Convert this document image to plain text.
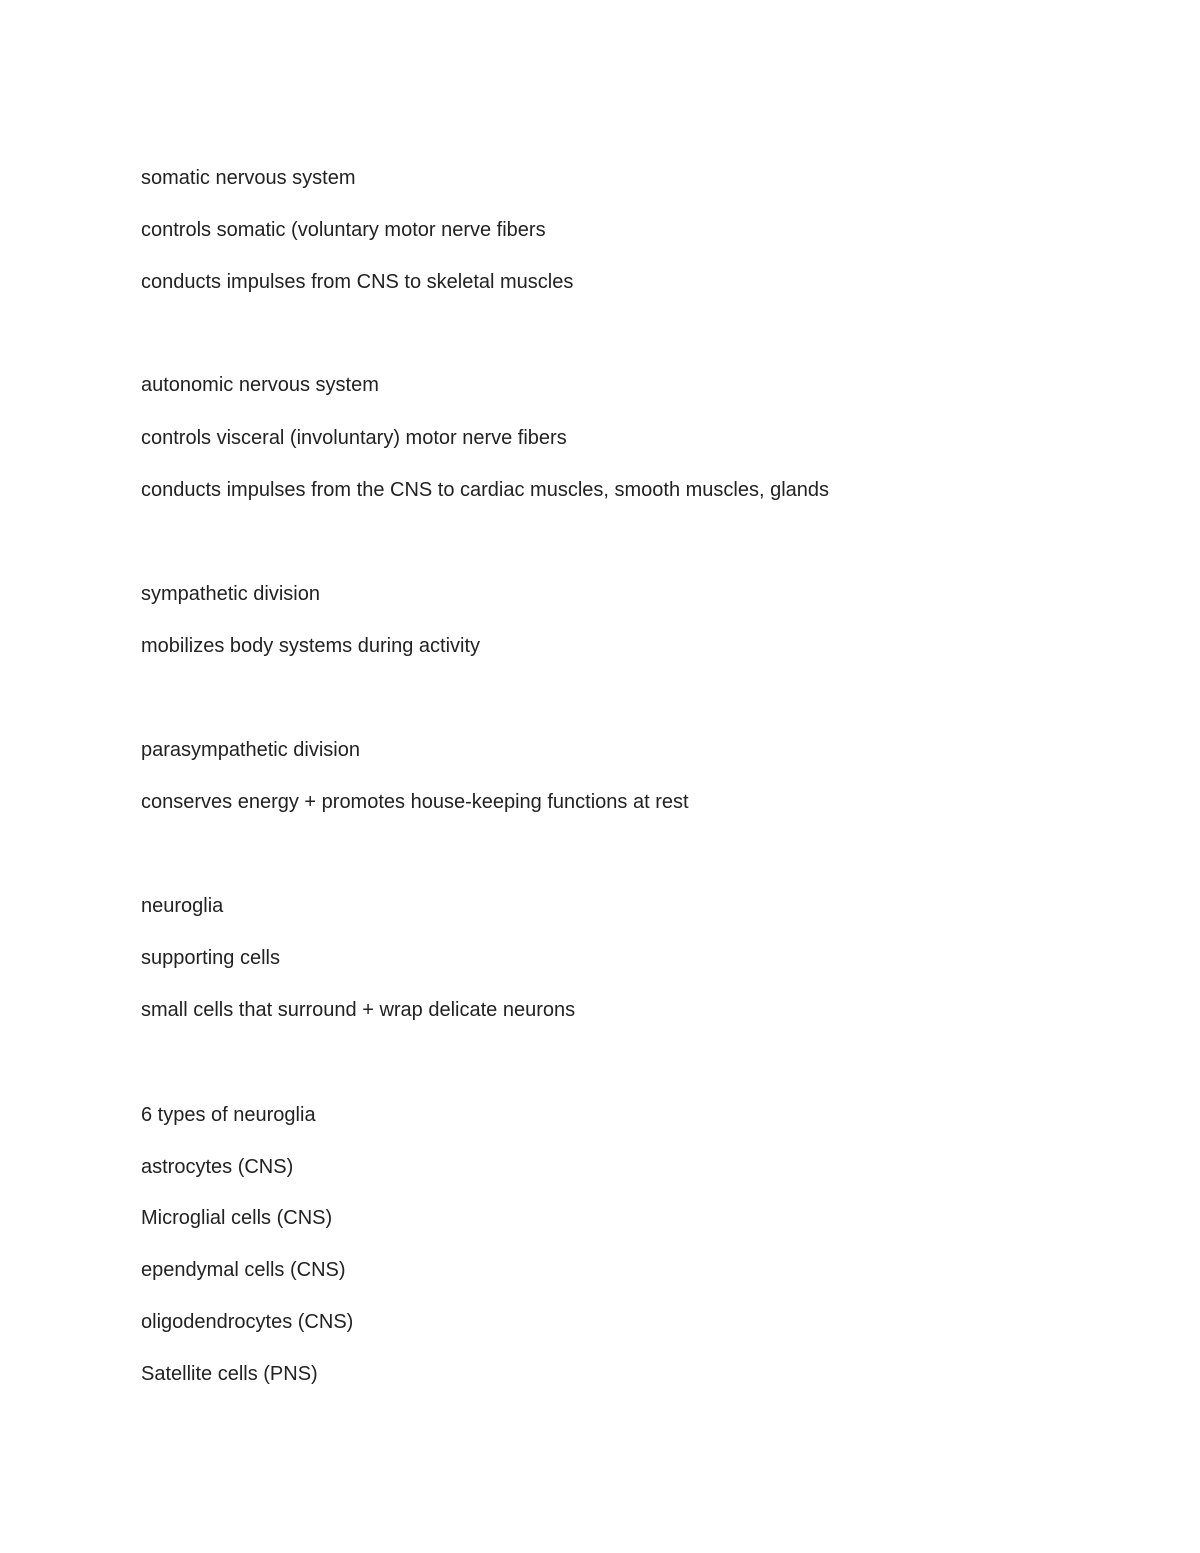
somatic nervous system
controls somatic (voluntary motor nerve fibers
conducts impulses from CNS to skeletal muscles
autonomic nervous system
controls visceral (involuntary) motor nerve fibers
conducts impulses from the CNS to cardiac muscles, smooth muscles, glands
sympathetic division
mobilizes body systems during activity
parasympathetic division
conserves energy + promotes house-keeping functions at rest
neuroglia
supporting cells
small cells that surround + wrap delicate neurons
6 types of neuroglia
astrocytes (CNS)
Microglial cells (CNS)
ependymal cells (CNS)
oligodendrocytes (CNS)
Satellite cells (PNS)
